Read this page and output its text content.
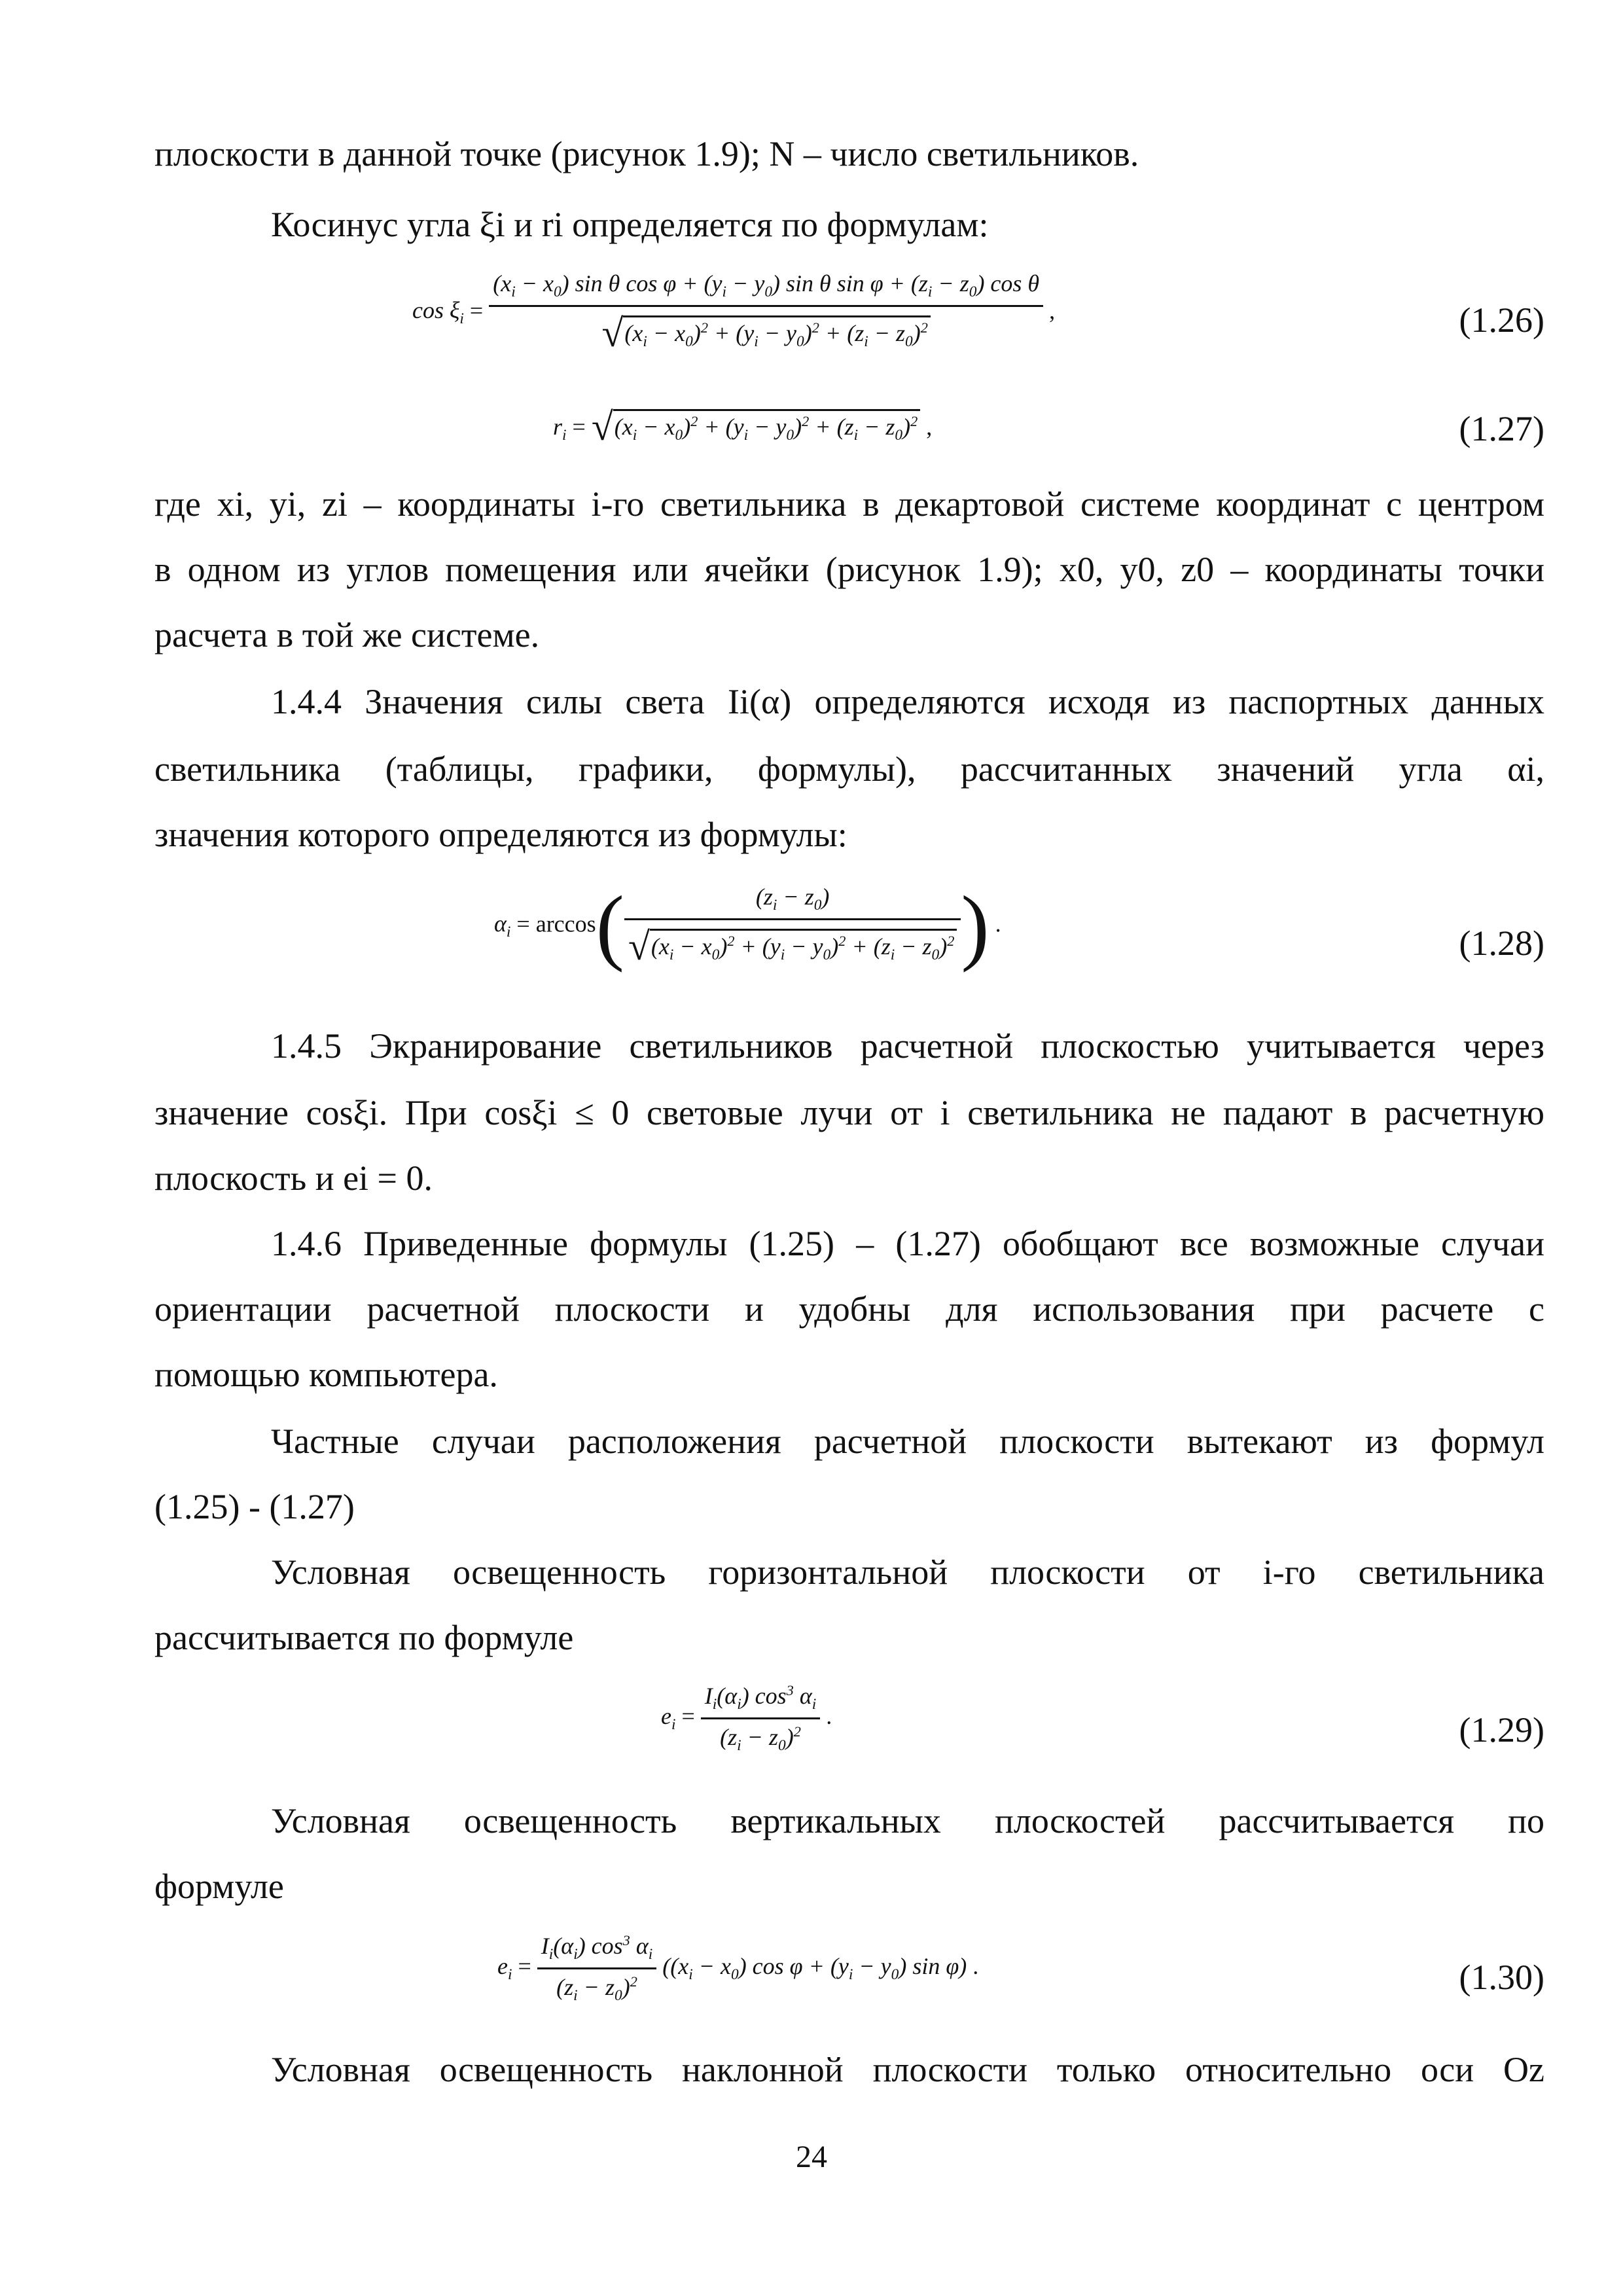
плоскости в данной точке (рисунок 1.9); N – число светильников.
Косинус угла ξi и ri определяется по формулам:
$\cos \xi_i$ =
$(x_i - x_0)$ sin θ $\cos \varphi + (y_i - y_0)$ sin θ $\sin \varphi + (z_i - z_0)$ cos θ
$√(x_i - x_0)^2 + (y_i - y_0)^2 + (z_i - z_0)^2$
,	(1.26)
$r_i = √(x_i - x_0)^2 + (y_i - y_0)^2 + (z_i - z_0)^2$ ,	(1.27)
где xi, yi, zi – координаты i-го светильника в декартовой системе координат с центром
в одном из углов помещения или ячейки (рисунок 1.9); x0, y0, z0 – координаты точки
расчета в той же системе.
1.4.4 Значения силы света Ii(α) определяются исходя из паспортных данных
светильника (таблицы, графики, формулы), рассчитанных значений угла αi,
значения которого определяются из формулы:
$\alpha_i = \arccos( \frac{(z_i - z_0)}{√(x_i - x_0)^2 + (y_i - y_0)^2 + (z_i - z_0)^2}$ ) .	(1.28)
1.4.5 Экранирование светильников расчетной плоскостью учитывается через
значение cosξi. При cosξi ≤ 0 световые лучи от i светильника не падают в расчетную
плоскость и ei = 0.
1.4.6 Приведенные формулы (1.25) – (1.27) обобщают все возможные случаи
ориентации расчетной плоскости и удобны для использования при расчете с
помощью компьютера.
Частные случаи расположения расчетной плоскости вытекают из формул
(1.25) - (1.27)
Условная освещенность горизонтальной плоскости от i-го светильника
рассчитывается по формуле
$e_i = \frac{I_i(\alpha_i) \cos^3 \alpha_i}{(z_i - z_0)^2}$ .	(1.29)
Условная освещенность вертикальных плоскостей рассчитывается по
формуле
$e_i = \frac{I_i(\alpha_i) \cos^3 \alpha_i}{(z_i - z_0)^2} ((x_i - x_0)$ $\cos \varphi + (y_i - y_0)$ sin φ) .	(1.30)
Условная освещенность наклонной плоскости только относительно оси Oz
24
